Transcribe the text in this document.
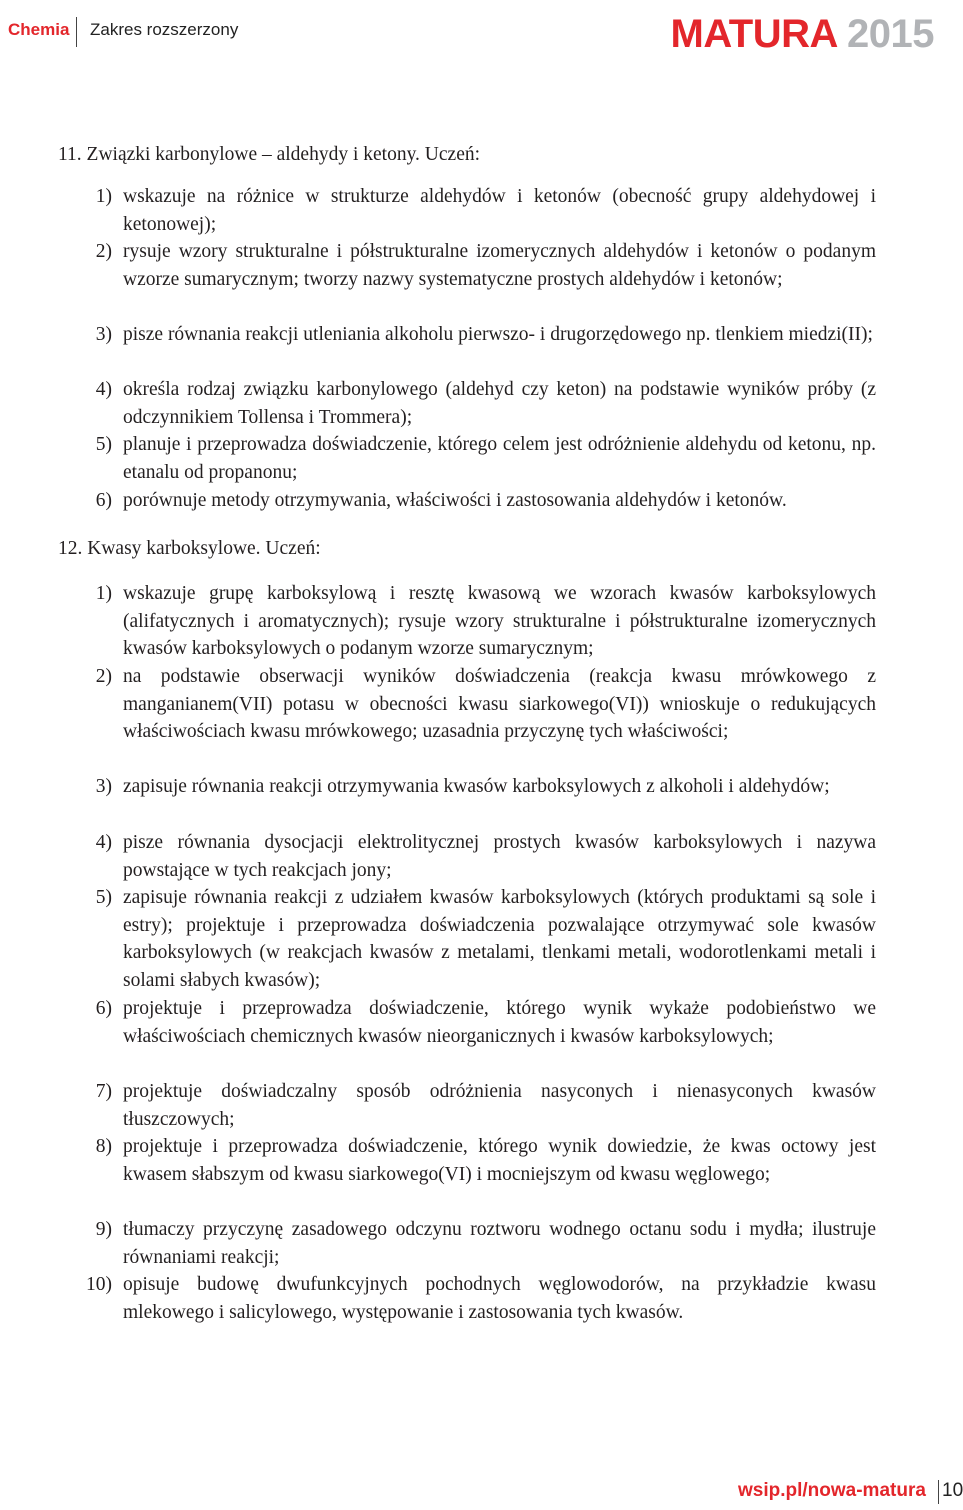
Chemia Zakres rozszerzony	MATURA 2015
11. Związki karbonylowe – aldehydy i ketony. Uczeń:
1) wskazuje na różnice w strukturze aldehydów i ketonów (obecność grupy aldehydowej i ketonowej);
2) rysuje wzory strukturalne i półstrukturalne izomerycznych aldehydów i ketonów o podanym wzorze sumarycznym; tworzy nazwy systematyczne prostych aldehydów i ketonów;
3) pisze równania reakcji utleniania alkoholu pierwszo- i drugorzędowego np. tlenkiem miedzi(II);
4) określa rodzaj związku karbonylowego (aldehyd czy keton) na podstawie wyników próby (z odczynnikiem Tollensa i Trommera);
5) planuje i przeprowadza doświadczenie, którego celem jest odróżnienie aldehydu od ketonu, np. etanalu od propanonu;
6) porównuje metody otrzymywania, właściwości i zastosowania aldehydów i ketonów.
12. Kwasy karboksylowe. Uczeń:
1) wskazuje grupę karboksylową i resztę kwasową we wzorach kwasów karboksylowych (alifatycznych i aromatycznych); rysuje wzory strukturalne i półstrukturalne izomerycznych kwasów karboksylowych o podanym wzorze sumarycznym;
2) na podstawie obserwacji wyników doświadczenia (reakcja kwasu mrówkowego z manganianem(VII) potasu w obecności kwasu siarkowego(VI)) wnioskuje o redukujących właściwościach kwasu mrówkowego; uzasadnia przyczynę tych właściwości;
3) zapisuje równania reakcji otrzymywania kwasów karboksylowych z alkoholi i aldehydów;
4) pisze równania dysocjacji elektrolitycznej prostych kwasów karboksylowych i nazywa powstające w tych reakcjach jony;
5) zapisuje równania reakcji z udziałem kwasów karboksylowych (których produktami są sole i estry); projektuje i przeprowadza doświadczenia pozwalające otrzymywać sole kwasów karboksylowych (w reakcjach kwasów z metalami, tlenkami metali, wodorotlenkami metali i solami słabych kwasów);
6) projektuje i przeprowadza doświadczenie, którego wynik wykaże podobieństwo we właściwościach chemicznych kwasów nieorganicznych i kwasów karboksylowych;
7) projektuje doświadczalny sposób odróżnienia nasyconych i nienasyconych kwasów tłuszczowych;
8) projektuje i przeprowadza doświadczenie, którego wynik dowiedzie, że kwas octowy jest kwasem słabszym od kwasu siarkowego(VI) i mocniejszym od kwasu węglowego;
9) tłumaczy przyczynę zasadowego odczynu roztworu wodnego octanu sodu i mydła; ilustruje równaniami reakcji;
10) opisuje budowę dwufunkcyjnych pochodnych węglowodorów, na przykładzie kwasu mlekowego i salicylowego, występowanie i zastosowania tych kwasów.
wsip.pl/nowa-matura 10
